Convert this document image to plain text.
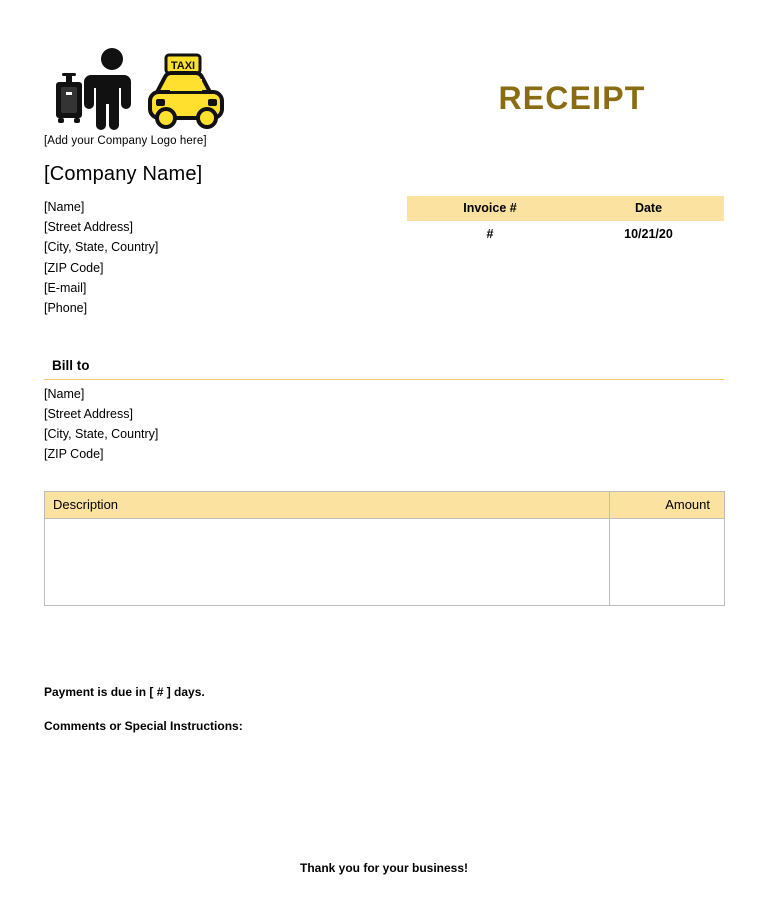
TAXI
[Add your Company Logo here]
RECEIPT
[Company Name]
[Name]
[Street Address]
[City, State, Country]
[ZIP Code]
[E-mail]
[Phone]
Invoice #	Date
#	10/21/20
Bill to
[Name]
[Street Address]
[City, State, Country]
[ZIP Code]
Description	Amount

Payment is due in [ # ] days.
Comments or Special Instructions:
Thank you for your business!
